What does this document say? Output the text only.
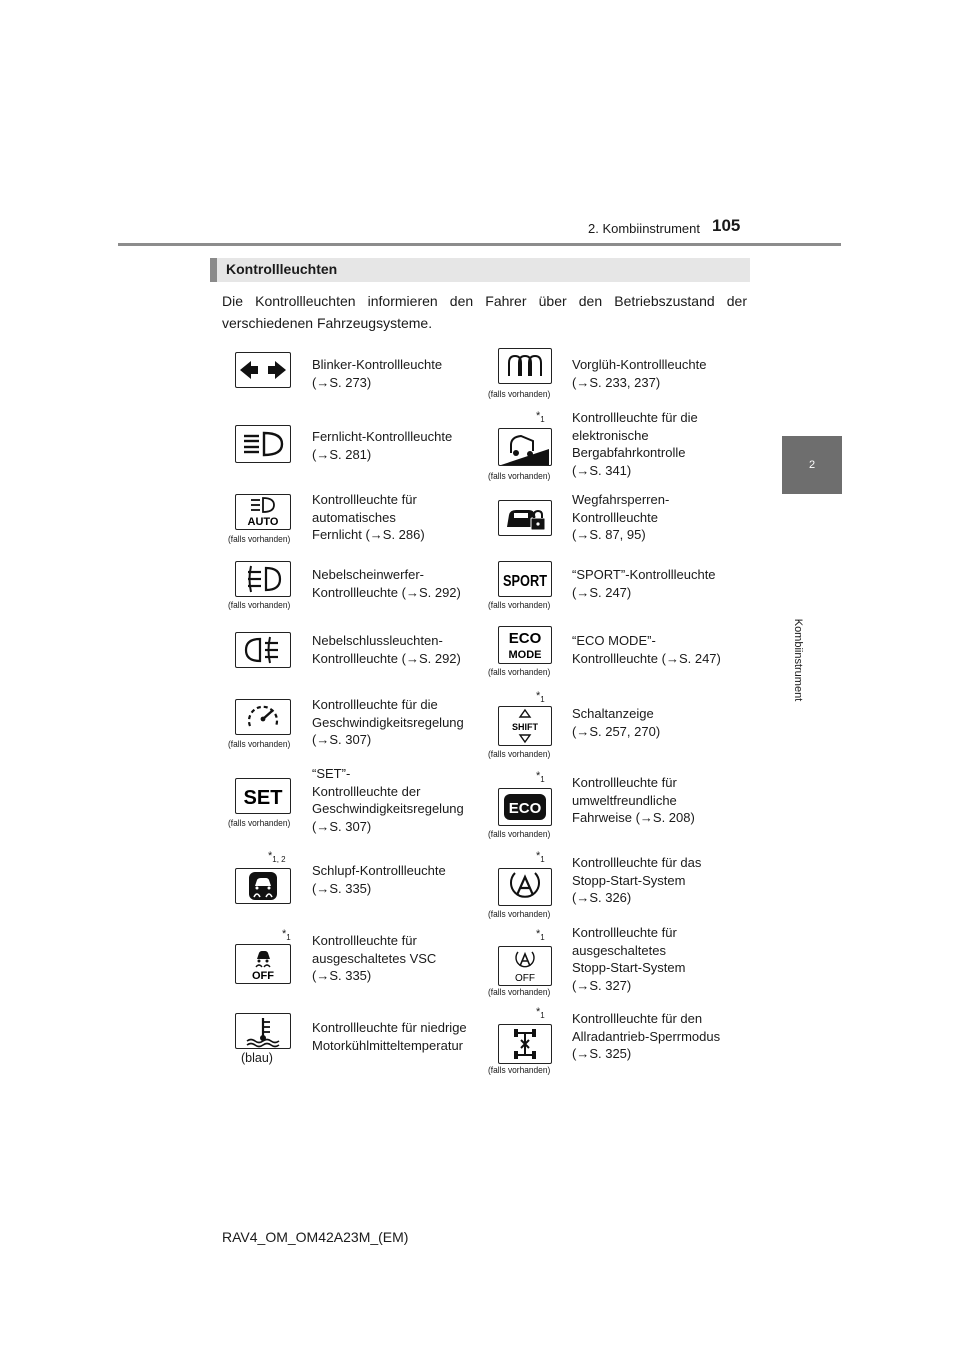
2. Kombiinstrument 105
2
Kombiinstrument
Kontrollleuchten
Die Kontrollleuchten informieren den Fahrer über den Betriebszustand der verschiedenen Fahrzeugsysteme.
Blinker-Kontrollleuchte
(→S. 273)
(falls vorhanden)
Vorglüh-Kontrollleuchte
(→S. 233, 237)
Fernlicht-Kontrollleuchte
(→S. 281)
$*_1$
(falls vorhanden)
Kontrollleuchte für die
elektronische
Bergabfahrkontrolle
(→S. 341)
AUTO
(falls vorhanden)
Kontrollleuchte für
automatisches
Fernlicht (→S. 286)
Wegfahrsperren-
Kontrollleuchte
(→S. 87, 95)
(falls vorhanden)
Nebelscheinwerfer-
Kontrollleuchte (→S. 292)
SPORT
(falls vorhanden)
“SPORT”-Kontrollleuchte
(→S. 247)
Nebelschlussleuchten-
Kontrollleuchte (→S. 292)
ECO
MODE
(falls vorhanden)
“ECO MODE”-
Kontrollleuchte (→S. 247)
(falls vorhanden)
Kontrollleuchte für die
Geschwindigkeitsregelung
(→S. 307)
$*_1$
SHIFT
(falls vorhanden)
Schaltanzeige
(→S. 257, 270)
SET
(falls vorhanden)
“SET”-
Kontrollleuchte der
Geschwindigkeitsregelung
(→S. 307)
$*_1$
ECO
(falls vorhanden)
Kontrollleuchte für
umweltfreundliche
Fahrweise (→S. 208)
$*_{1, 2}$
Schlupf-Kontrollleuchte
(→S. 335)
$*_1$
(falls vorhanden)
Kontrollleuchte für das
Stopp-Start-System
(→S. 326)
$*_1$
OFF
Kontrollleuchte für
ausgeschaltetes VSC
(→S. 335)
$*_1$
OFF
(falls vorhanden)
Kontrollleuchte für
ausgeschaltetes
Stopp-Start-System
(→S. 327)
(blau)
Kontrollleuchte für niedrige
Motorkühlmitteltemperatur
$*_1$
(falls vorhanden)
Kontrollleuchte für den
Allradantrieb-Sperrmodus
(→S. 325)
RAV4_OM_OM42A23M_(EM)
